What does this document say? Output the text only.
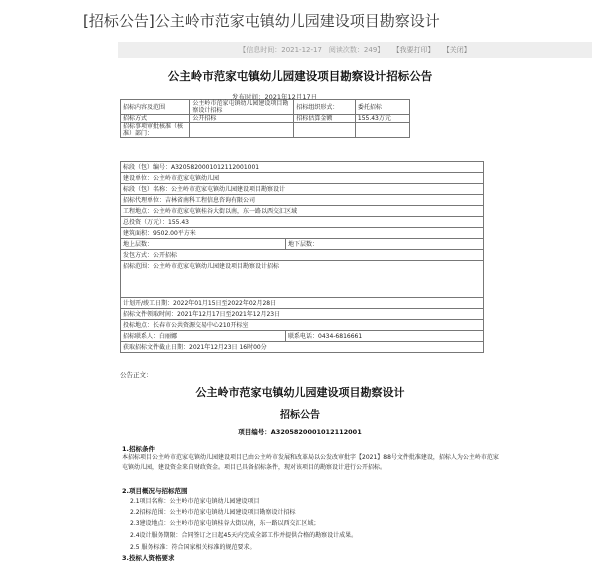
[招标公告]公主岭市范家屯镇幼儿园建设项目勘察设计
【信息时间：2021-12-17　阅读次数：249】 【我要打印】 【关闭】
公主岭市范家屯镇幼儿园建设项目勘察设计招标公告
发布时间：2021年12月17日
招标内容及范围	公主岭市范家屯镇幼儿园建设项目勘察设计招标	招标组织形式：	委托招标
招标方式	公开招标	招标估算金额	155.43万元
招标事项审批核准（核准）部门：			
标段（包）编号：A3205820001012112001001	
建设单位：公主岭市范家屯镇幼儿园	
标段（包）名称：公主岭市范家屯镇幼儿园建设项目勘察设计	
招标代理单位：吉林省南科工程信息咨询有限公司	
工程地点：公主岭市范家屯镇桂谷大街以南，东一路以西交汇区域	
总投资（万元）：155.43	
建筑面积：9502.00平方米	
地上层数：	地下层数：
发包方式：公开招标	
招标范围：公主岭市范家屯镇幼儿园建设项目勘察设计招标	
计划开/竣工日期：2022年01月15日至2022年02月28日	
招标文件领取时间：2021年12月17日至2021年12月23日	
投标地点：长春市公共资源交易中心210开标室	
招标联系人：白丽娜	联系电话：0434-6816661
获取招标文件截止日期：2021年12月23日 16时00分	
公告正文：
公主岭市范家屯镇幼儿园建设项目勘察设计
招标公告
项目编号：A3205820001012112001
1.招标条件
本招标项目公主岭市范家屯镇幼儿园建设项目已由公主岭市发展和改革局以公发改审批字【2021】88号文件批准建设，招标人为公主岭市范家屯镇幼儿园，建设资金来自财政资金。项目已具备招标条件，现对该项目的勘察设计进行公开招标。
2.项目概况与招标范围
2.1项目名称：公主岭市范家屯镇幼儿园建设项目
2.2招标范围：公主岭市范家屯镇幼儿园建设项目勘察设计招标
2.3建设地点：公主岭市范家屯镇桂谷大街以南，东一路以西交汇区域；
2.4设计服务期限：合同签订之日起45天内完成全部工作并提供合格的勘察设计成果。
2.5 服务标准：符合国家相关标准的规范要求。
3.投标人资格要求
